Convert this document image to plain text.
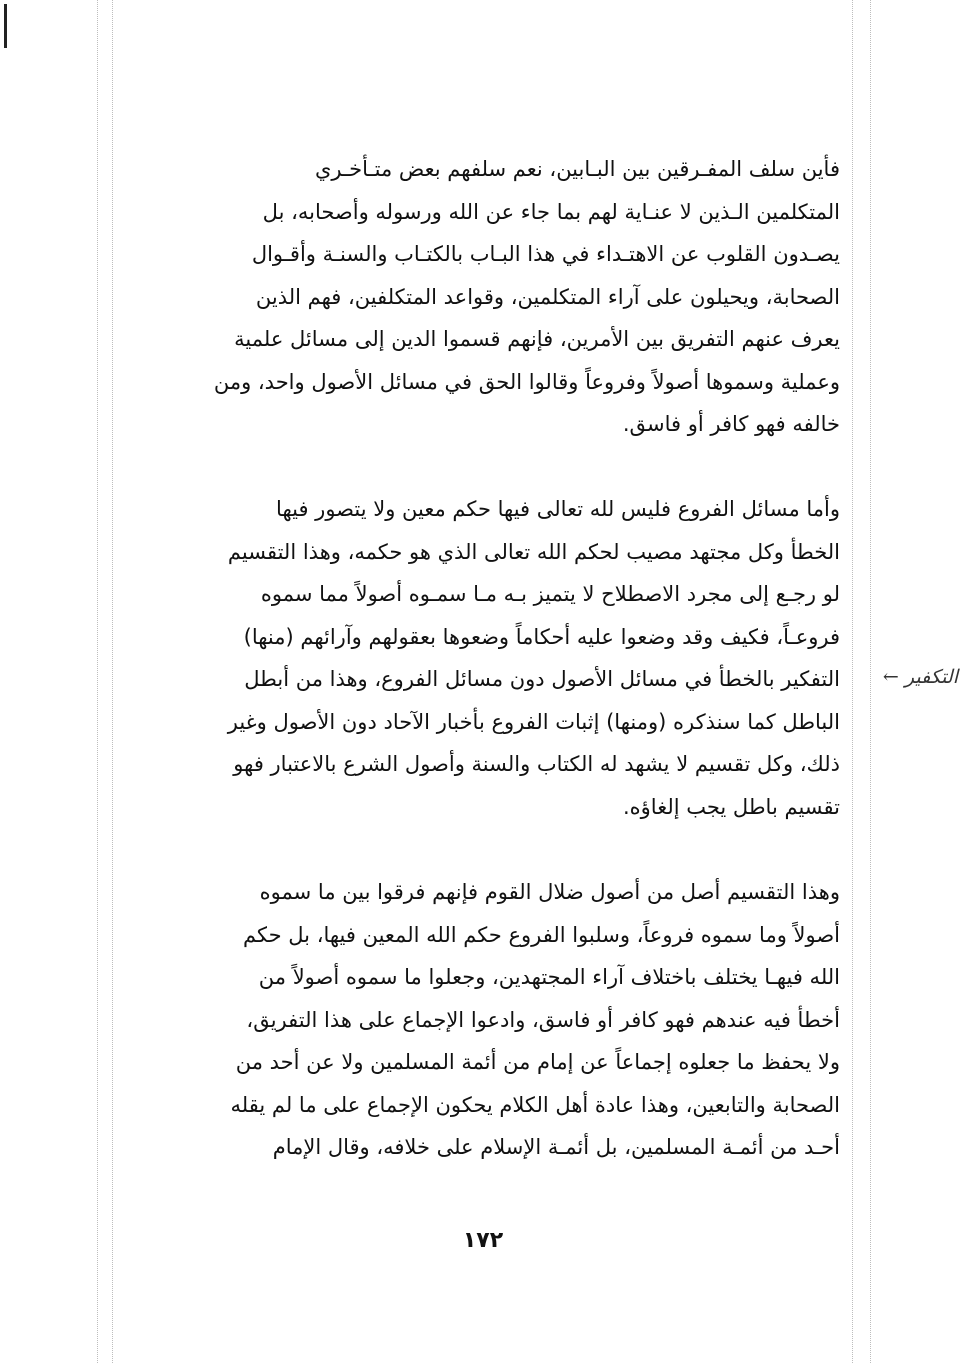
فأين سلف المفـرقين بين البـابين، نعم سلفهم بعض متـأخـري

المتكلمين الـذين لا عنـاية لهم بما جاء عن الله ورسوله وأصحابه، بل

يصـدون القلوب عن الاهتـداء في هذا البـاب بالكتـاب والسنـة وأقـوال

الصحابة، ويحيلون على آراء المتكلمين، وقواعد المتكلفين، فهم الذين

يعرف عنهم التفريق بين الأمرين، فإنهم قسموا الدين إلى مسائل علمية

وعملية وسموها أصولاً وفروعاً وقالوا الحق في مسائل الأصول واحد، ومن

خالفه فهو كافر أو فاسق.

وأما مسائل الفروع فليس لله تعالى فيها حكم معين ولا يتصور فيها

الخطأ وكل مجتهد مصيب لحكم الله تعالى الذي هو حكمه، وهذا التقسيم

لو رجـع إلى مجرد الاصطلاح لا يتميز بـه مـا سمـوه أصولاً مما سموه

فروعـاً، فكيف وقد وضعوا عليه أحكاماً وضعوها بعقولهم وآرائهم (منها)

التفكير بالخطأ في مسائل الأصول دون مسائل الفروع، وهذا من أبطل

الباطل كما سنذكره (ومنها) إثبات الفروع بأخبار الآحاد دون الأصول وغير

ذلك، وكل تقسيم لا يشهد له الكتاب والسنة وأصول الشرع بالاعتبار فهو

تقسيم باطل يجب إلغاؤه.

التكفير ←

وهذا التقسيم أصل من أصول ضلال القوم فإنهم فرقوا بين ما سموه

أصولاً وما سموه فروعاً، وسلبوا الفروع حكم الله المعين فيها، بل حكم

الله فيهـا يختلف باختلاف آراء المجتهدين، وجعلوا ما سموه أصولاً من

أخطأ فيه عندهم فهو كافر أو فاسق، وادعوا الإجماع على هذا التفريق،

ولا يحفظ ما جعلوه إجماعاً عن إمام من أئمة المسلمين ولا عن أحد من

الصحابة والتابعين، وهذا عادة أهل الكلام يحكون الإجماع على ما لم يقله

أحـد من أئمـة المسلمين، بل أئمـة الإسلام على خلافه، وقال الإمام

١٧٢
